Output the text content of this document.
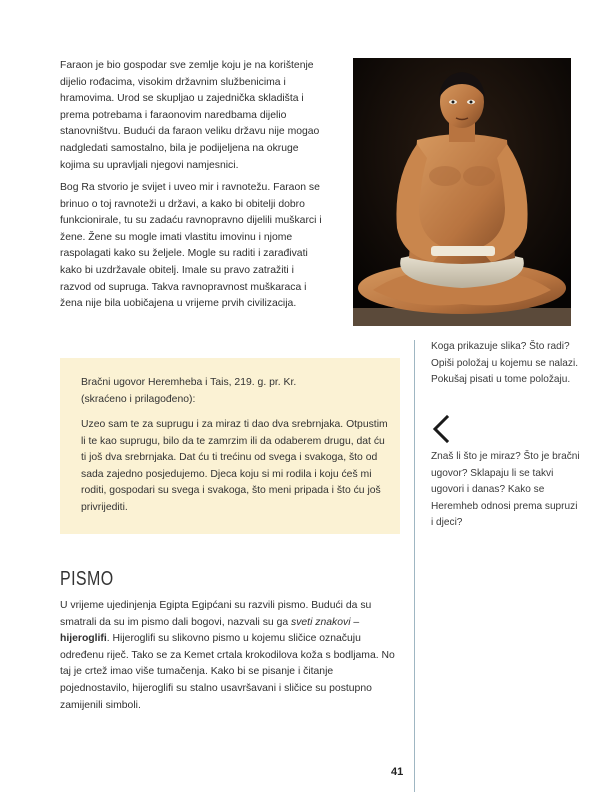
Faraon je bio gospodar sve zemlje koju je na korištenje dijelio rođacima, visokim državnim službenicima i hramovima. Urod se skupljao u zajednička skladišta i prema potrebama i faraonovim naredbama dijelio stanovništvu. Budući da faraon veliku državu nije mogao nadgledati samostalno, bila je podijeljena na okruge kojima su upravljali njegovi namjesnici.

Bog Ra stvorio je svijet i uveo mir i ravnotežu. Faraon se brinuo o toj ravnoteži u državi, a kako bi obitelji dobro funkcionirale, tu su zadaću ravnopravno dijelili muškarci i žene. Žene su mogle imati vlastitu imovinu i njome raspolagati kako su željele. Mogle su raditi i zarađivati kako bi uzdržavale obitelj. Imale su pravo zatražiti i razvod od supruga. Takva ravnopravnost muškaraca i žena nije bila uobičajena u vrijeme prvih civilizacija.

Koga prikazuje slika? Što radi? Opiši položaj u kojemu se nalazi. Pokušaj pisati u tome položaju.

Znaš li što je miraz? Što je bračni ugovor? Sklapaju li se takvi ugovori i danas? Kako se Heremheb odnosi prema supruzi i djeci?

Bračni ugovor Heremheba i Tais, 219. g. pr. Kr.
(skraćeno i prilagođeno):

Uzeo sam te za suprugu i za miraz ti dao dva srebrnjaka. Otpustim li te kao suprugu, bilo da te zamrzim ili da odaberem drugu, dat ću ti još dva srebrnjaka. Dat ću ti trećinu od svega i svakoga, što od sada zajedno posjedujemo. Djeca koju si mi rodila i koju ćeš mi roditi, gospodari su svega i svakoga, što meni pripada i što ću još privrijediti.

PISMO

U vrijeme ujedinjenja Egipta Egipćani su razvili pismo. Budući da su smatrali da su im pismo dali bogovi, nazvali su ga sveti znakovi – hijeroglifi. Hijeroglifi su slikovno pismo u kojemu sličice označuju određenu riječ. Tako se za Kemet crtala krokodilova koža s bodljama. No taj je crtež imao više tumačenja. Kako bi se pisanje i čitanje pojednostavilo, hijeroglifi su stalno usavršavani i sličice su postupno zamijenili simboli.

41
